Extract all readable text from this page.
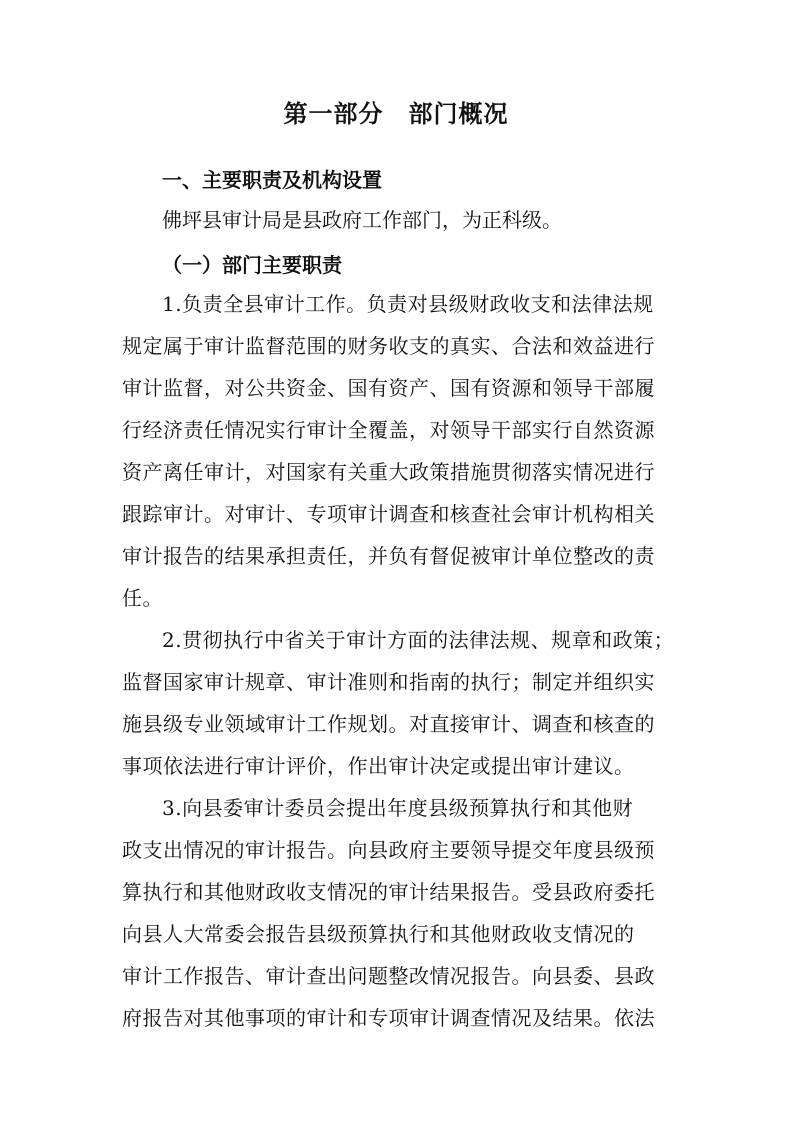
第一部分　部门概况
一、主要职责及机构设置
佛坪县审计局是县政府工作部门，为正科级。
（一）部门主要职责
1.负责全县审计工作。负责对县级财政收支和法律法规
规定属于审计监督范围的财务收支的真实、合法和效益进行
审计监督，对公共资金、国有资产、国有资源和领导干部履
行经济责任情况实行审计全覆盖，对领导干部实行自然资源
资产离任审计，对国家有关重大政策措施贯彻落实情况进行
跟踪审计。对审计、专项审计调查和核查社会审计机构相关
审计报告的结果承担责任，并负有督促被审计单位整改的责
任。
2.贯彻执行中省关于审计方面的法律法规、规章和政策；
监督国家审计规章、审计准则和指南的执行；制定并组织实
施县级专业领域审计工作规划。对直接审计、调查和核查的
事项依法进行审计评价，作出审计决定或提出审计建议。
3.向县委审计委员会提出年度县级预算执行和其他财
政支出情况的审计报告。向县政府主要领导提交年度县级预
算执行和其他财政收支情况的审计结果报告。受县政府委托
向县人大常委会报告县级预算执行和其他财政收支情况的
审计工作报告、审计查出问题整改情况报告。向县委、县政
府报告对其他事项的审计和专项审计调查情况及结果。依法
